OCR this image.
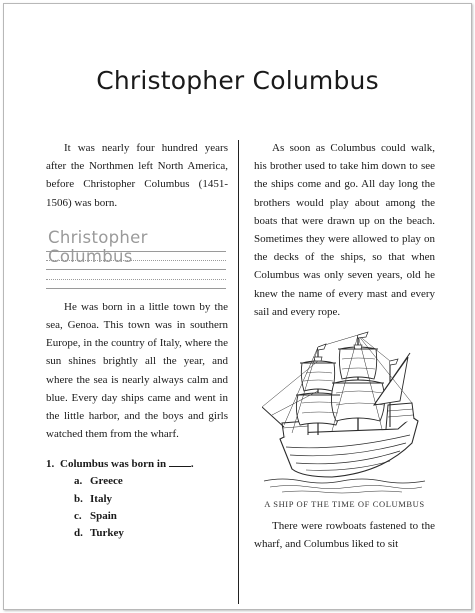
Christopher Columbus

It was nearly four hundred years after the Northmen left North America, before Christopher Columbus (1451-1506) was born.

Christopher Columbus

He was born in a little town by the sea, Genoa. This town was in southern Europe, in the country of Italy, where the sun shines brightly all the year, and where the sea is nearly always calm and blue. Every day ships came and went in the little harbor, and the boys and girls watched them from the wharf.

1. Columbus was born in .
a. Greece
b. Italy
c. Spain
d. Turkey

As soon as Columbus could walk, his brother used to take him down to see the ships come and go. All day long the brothers would play about among the boats that were drawn up on the beach. Sometimes they were allowed to play on the decks of the ships, so that when Columbus was only seven years, old he knew the name of every mast and every sail and every rope.

A SHIP OF THE TIME OF COLUMBUS

There were rowboats fastened to the wharf, and Columbus liked to sit
